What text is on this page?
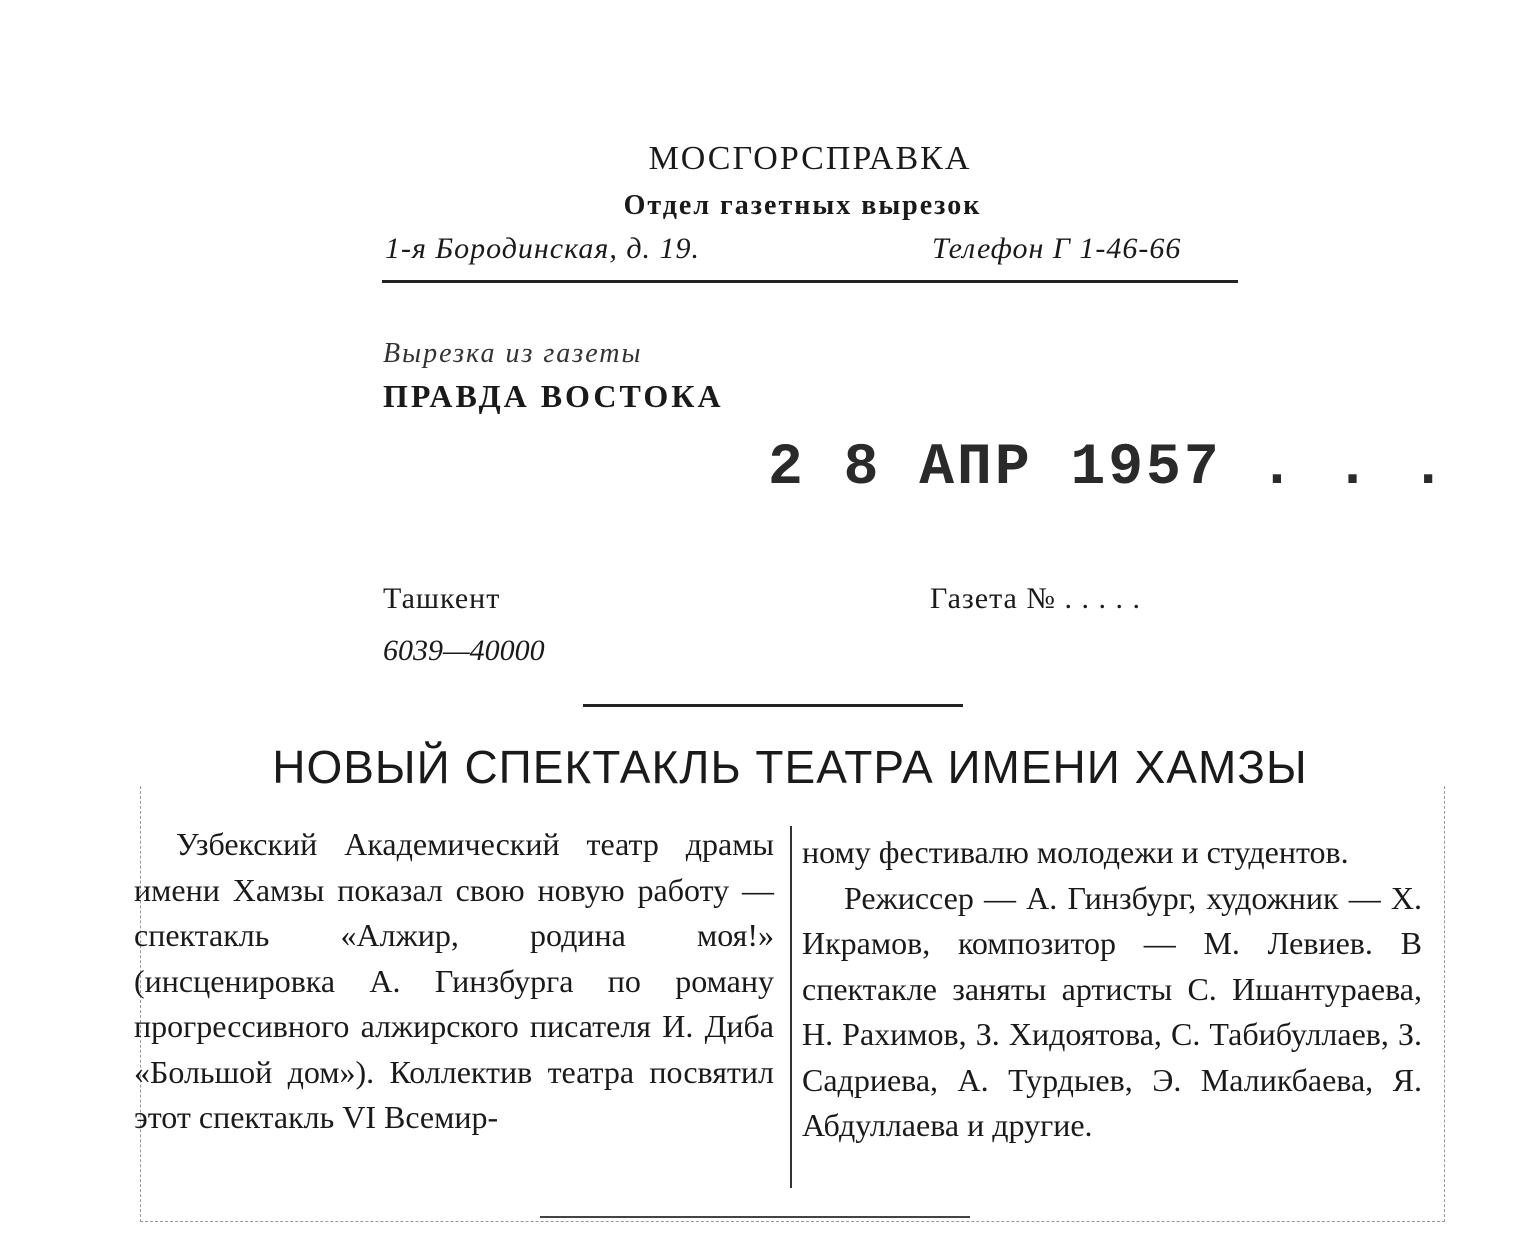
МОСГОРСПРАВКА
Отдел газетных вырезок
1-я Бородинская, д. 19.	Телефон Г 1-46-66
Вырезка из газеты
ПРАВДА ВОСТОКА
2 8 АПР 1957 . . .
Ташкент	Газета № . . . . .
6039—40000
НОВЫЙ СПЕКТАКЛЬ ТЕАТРА ИМЕНИ ХАМЗЫ

Узбекский Академический театр драмы имени Хамзы показал свою новую работу — спектакль «Алжир, родина моя!» (инсценировка А. Гинзбурга по роману прогрессивного алжирского писателя И. Диба «Большой дом»). Коллектив театра посвятил этот спектакль VI Всемир-

ному фестивалю молодежи и студентов.

Режиссер — А. Гинзбург, художник — Х. Икрамов, композитор — М. Левиев. В спектакле заняты артисты С. Ишантураева, Н. Рахимов, З. Хидоятова, С. Табибуллаев, З. Садриева, А. Турдыев, Э. Маликбаева, Я. Абдуллаева и другие.
